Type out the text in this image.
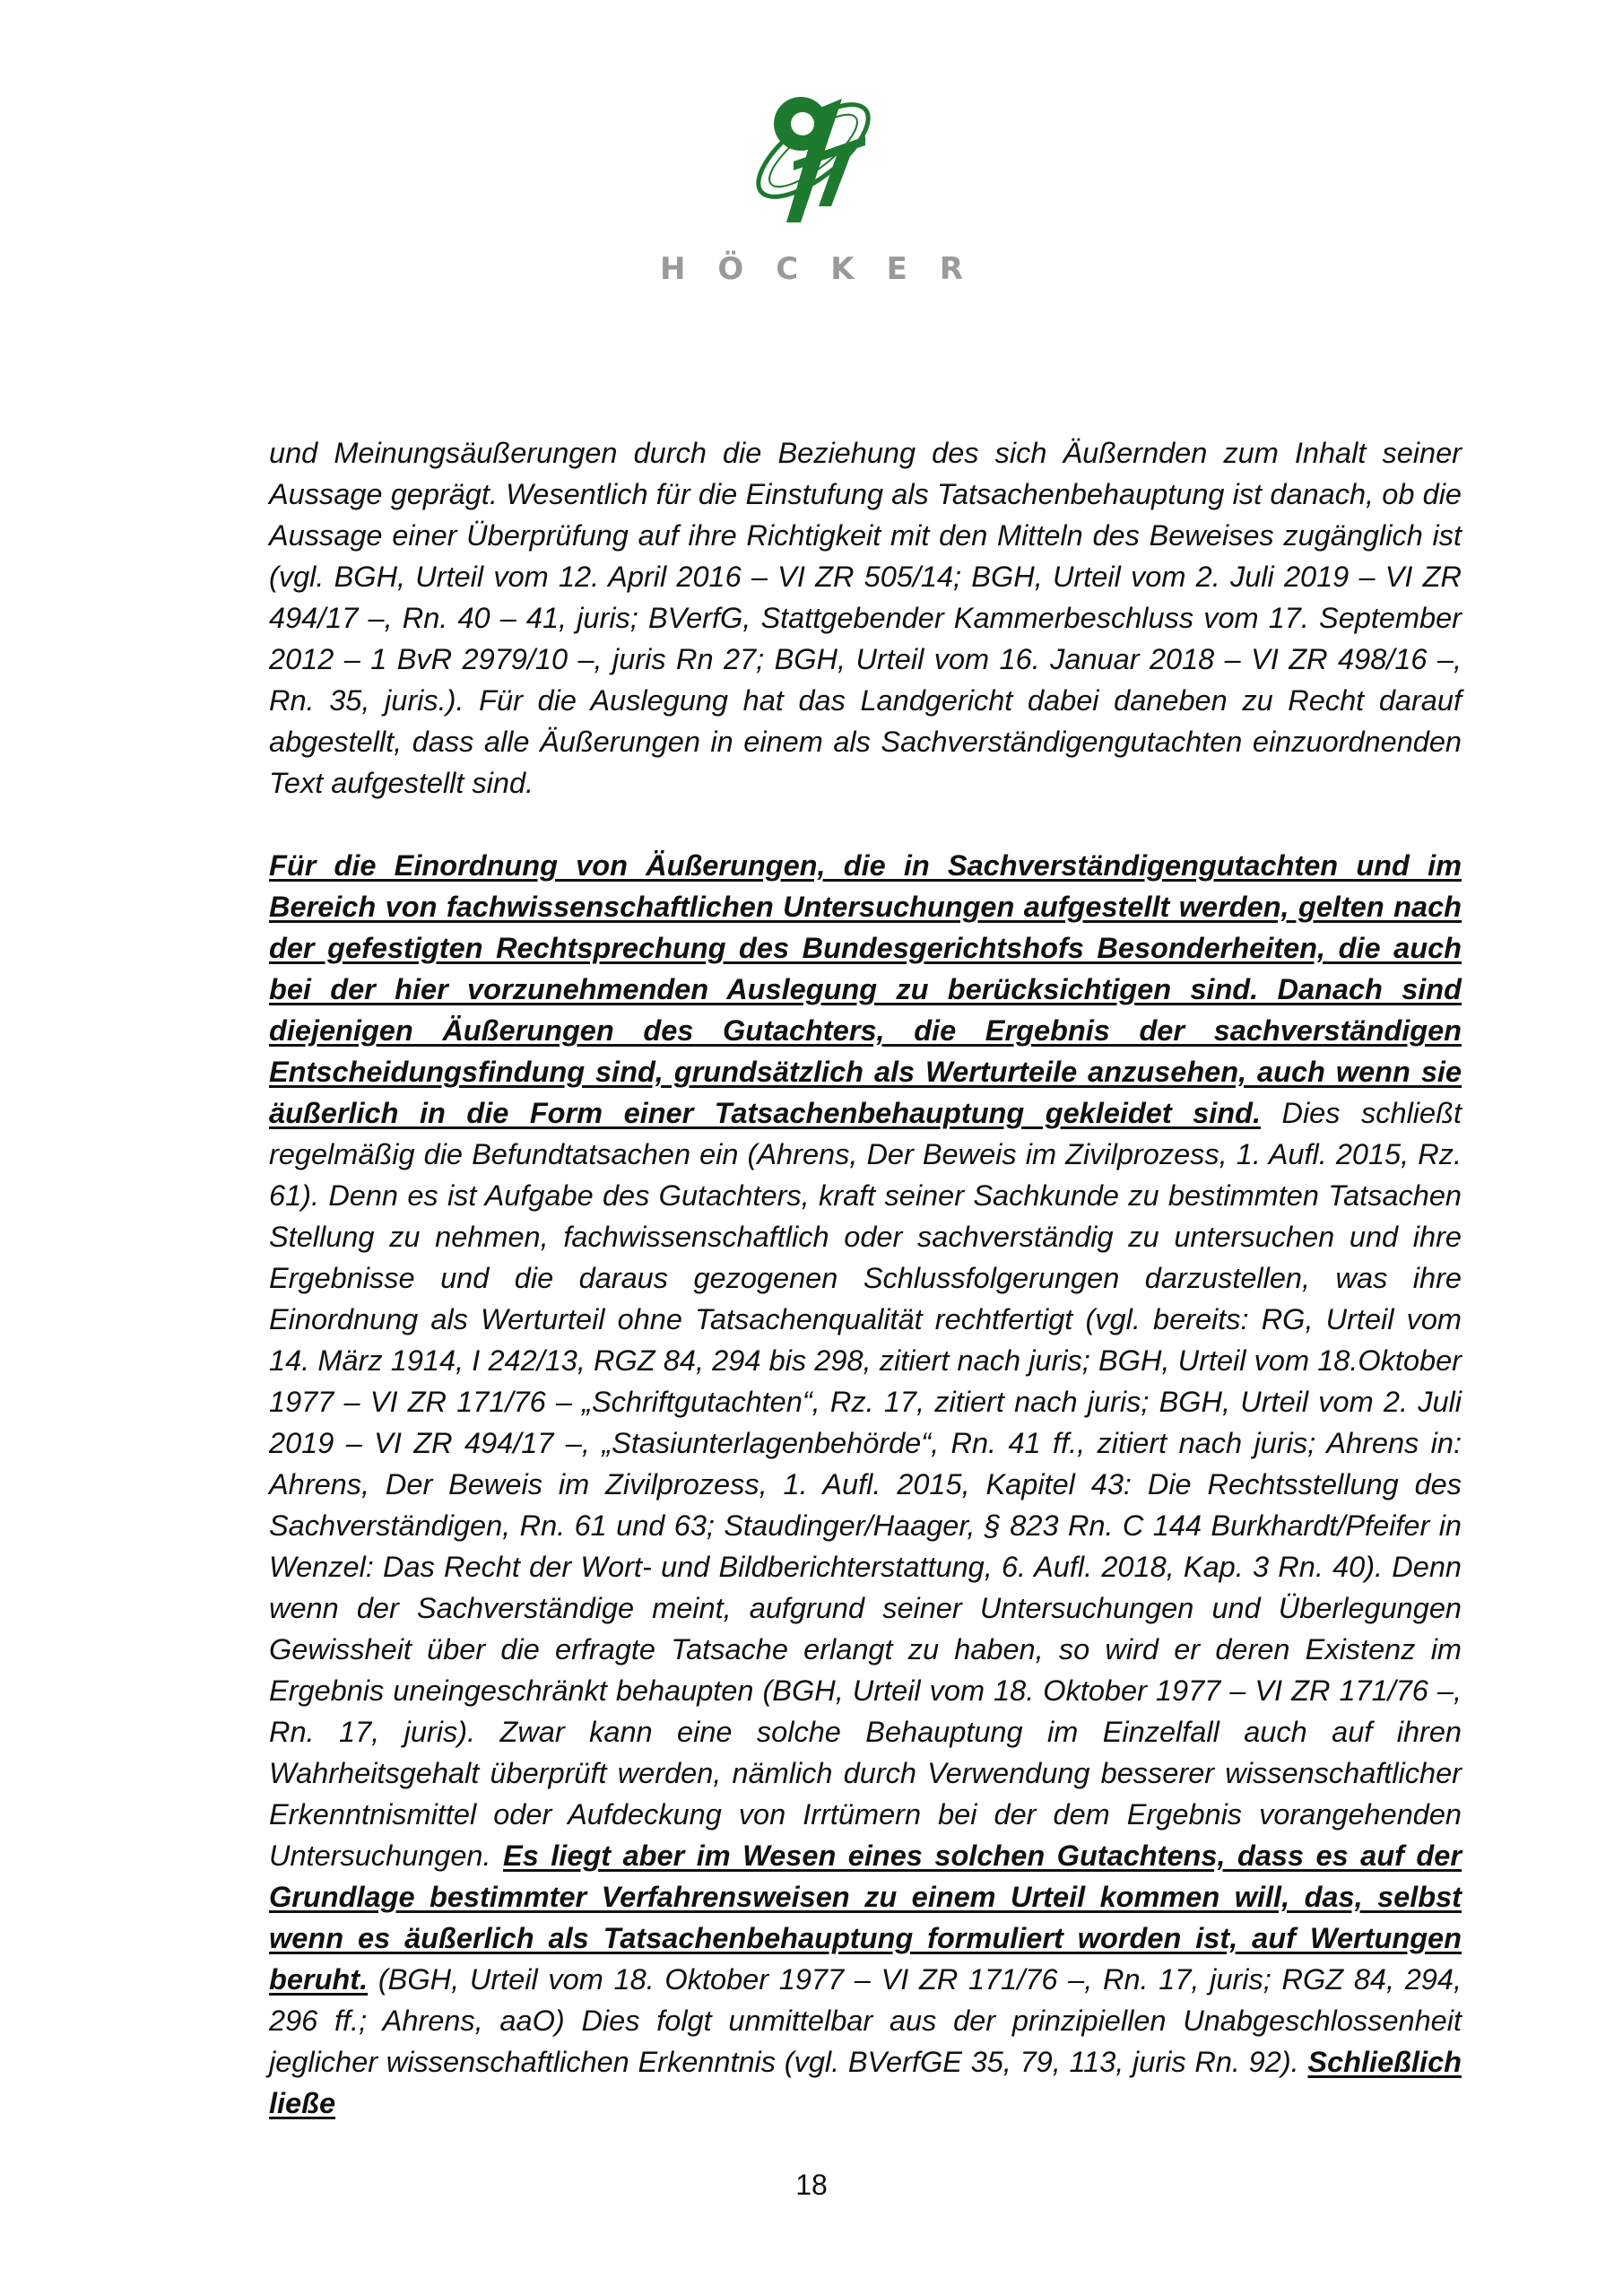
HÖCKER

und Meinungsäußerungen durch die Beziehung des sich Äußernden zum Inhalt seiner Aussage geprägt. Wesentlich für die Einstufung als Tatsachenbehauptung ist danach, ob die Aussage einer Überprüfung auf ihre Richtigkeit mit den Mitteln des Beweises zugänglich ist (vgl. BGH, Urteil vom 12. April 2016 – VI ZR 505/14; BGH, Urteil vom 2. Juli 2019 – VI ZR 494/17 –, Rn. 40 – 41, juris; BVerfG, Stattgebender Kammerbeschluss vom 17. September 2012 – 1 BvR 2979/10 –, juris Rn 27; BGH, Urteil vom 16. Januar 2018 – VI ZR 498/16 –, Rn. 35, juris.). Für die Auslegung hat das Landgericht dabei daneben zu Recht darauf abgestellt, dass alle Äußerungen in einem als Sachverständigengutachten einzuordnenden Text aufgestellt sind.

Für die Einordnung von Äußerungen, die in Sachverständigengutachten und im Bereich von fachwissenschaftlichen Untersuchungen aufgestellt werden, gelten nach der gefestigten Rechtsprechung des Bundesgerichtshofs Besonderheiten, die auch bei der hier vorzunehmenden Auslegung zu berücksichtigen sind. Danach sind diejenigen Äußerungen des Gutachters, die Ergebnis der sachverständigen Entscheidungsfindung sind, grundsätzlich als Werturteile anzusehen, auch wenn sie äußerlich in die Form einer Tatsachenbehauptung gekleidet sind. Dies schließt regelmäßig die Befundtatsachen ein (Ahrens, Der Beweis im Zivilprozess, 1. Aufl. 2015, Rz. 61). Denn es ist Aufgabe des Gutachters, kraft seiner Sachkunde zu bestimmten Tatsachen Stellung zu nehmen, fachwissenschaftlich oder sachverständig zu untersuchen und ihre Ergebnisse und die daraus gezogenen Schlussfolgerungen darzustellen, was ihre Einordnung als Werturteil ohne Tatsachenqualität rechtfertigt (vgl. bereits: RG, Urteil vom 14. März 1914, I 242/13, RGZ 84, 294 bis 298, zitiert nach juris; BGH, Urteil vom 18.Oktober 1977 – VI ZR 171/76 – „Schriftgutachten“, Rz. 17, zitiert nach juris; BGH, Urteil vom 2. Juli 2019 – VI ZR 494/17 –, „Stasiunterlagenbehörde“, Rn. 41 ff., zitiert nach juris; Ahrens in: Ahrens, Der Beweis im Zivilprozess, 1. Aufl. 2015, Kapitel 43: Die Rechtsstellung des Sachverständigen, Rn. 61 und 63; Staudinger/Haager, § 823 Rn. C 144 Burkhardt/Pfeifer in Wenzel: Das Recht der Wort- und Bildberichterstattung, 6. Aufl. 2018, Kap. 3 Rn. 40). Denn wenn der Sachverständige meint, aufgrund seiner Untersuchungen und Überlegungen Gewissheit über die erfragte Tatsache erlangt zu haben, so wird er deren Existenz im Ergebnis uneingeschränkt behaupten (BGH, Urteil vom 18. Oktober 1977 – VI ZR 171/76 –, Rn. 17, juris). Zwar kann eine solche Behauptung im Einzelfall auch auf ihren Wahrheitsgehalt überprüft werden, nämlich durch Verwendung besserer wissenschaftlicher Erkenntnismittel oder Aufdeckung von Irrtümern bei der dem Ergebnis vorangehenden Untersuchungen. Es liegt aber im Wesen eines solchen Gutachtens, dass es auf der Grundlage bestimmter Verfahrensweisen zu einem Urteil kommen will, das, selbst wenn es äußerlich als Tatsachenbehauptung formuliert worden ist, auf Wertungen beruht. (BGH, Urteil vom 18. Oktober 1977 – VI ZR 171/76 –, Rn. 17, juris; RGZ 84, 294, 296 ff.; Ahrens, aaO) Dies folgt unmittelbar aus der prinzipiellen Unabgeschlossenheit jeglicher wissenschaftlichen Erkenntnis (vgl. BVerfGE 35, 79, 113, juris Rn. 92). Schließlich ließe

18
